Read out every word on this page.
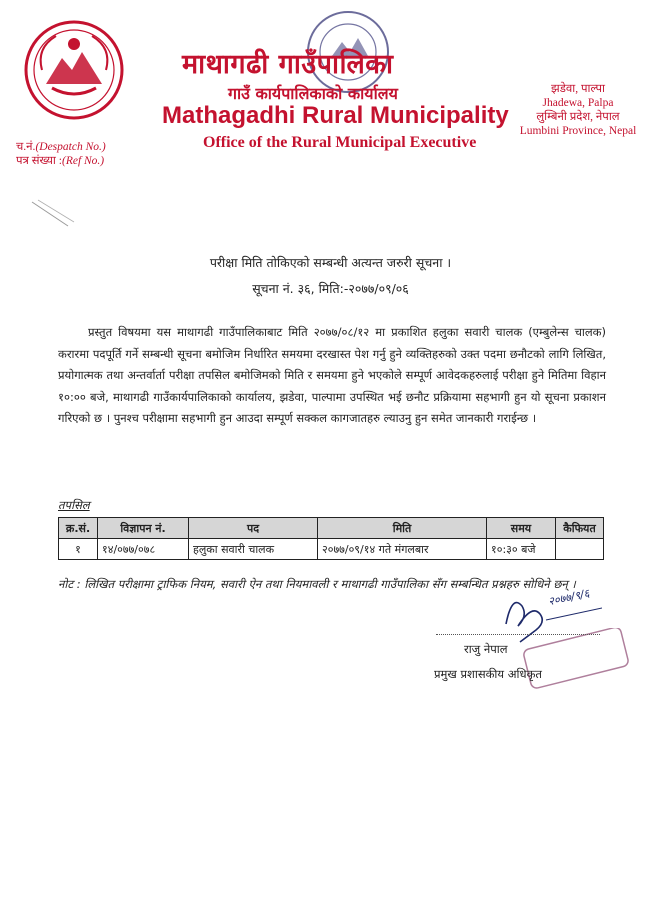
माथागढी गाउँपालिका
गाउँ कार्यपालिकाको कार्यालय
Mathagadhi Rural Municipality
Office of the Rural Municipal Executive
झडेवा, पाल्पा
Jhadewa, Palpa
लुम्बिनी प्रदेश, नेपाल
Lumbini Province, Nepal
च.नं.(Despatch No.)
पत्र संख्या :(Ref No.)
परीक्षा मिति तोकिएको सम्बन्धी अत्यन्त जरुरी सूचना ।
सूचना नं. ३६, मिति:-२०७७/०९/०६
प्रस्तुत विषयमा यस माथागढी गाउँपालिकाबाट मिति २०७७/०८/१२ मा प्रकाशित हलुका सवारी चालक (एम्बुलेन्स चालक) करारमा पदपूर्ति गर्ने सम्बन्धी सूचना बमोजिम निर्धारित समयमा दरखास्त पेश गर्नु हुने व्यक्तिहरुको उक्त पदमा छनौटको लागि लिखित, प्रयोगात्मक तथा अन्तर्वार्ता परीक्षा तपसिल बमोजिमको मिति र समयमा हुने भएकोले सम्पूर्ण आवेदकहरुलाई परीक्षा हुने मितिमा विहान १०:०० बजे, माथागढी गाउँकार्यपालिकाको कार्यालय, झडेवा, पाल्पामा उपस्थित भई छनौट प्रक्रियामा सहभागी हुन यो सूचना प्रकाशन गरिएको छ । पुनश्च परीक्षामा सहभागी हुन आउदा सम्पूर्ण सक्कल कागजातहरु ल्याउनु हुन समेत जानकारी गराईन्छ ।
तपसिल
क्र.सं.	विज्ञापन नं.	पद	मिति	समय	कैफियत
१	१४/०७७/०७८	हलुका सवारी चालक	२०७७/०९/१४ गते मंगलबार	१०:३० बजे	
नोट : लिखित परीक्षामा ट्राफिक नियम, सवारी ऐन तथा नियमावली र माथागढी गाउँपालिका सँग सम्बन्धित प्रश्नहरु सोधिने छन् ।
२०७७/९/६
राजु नेपाल
प्रमुख प्रशासकीय अधिकृत
